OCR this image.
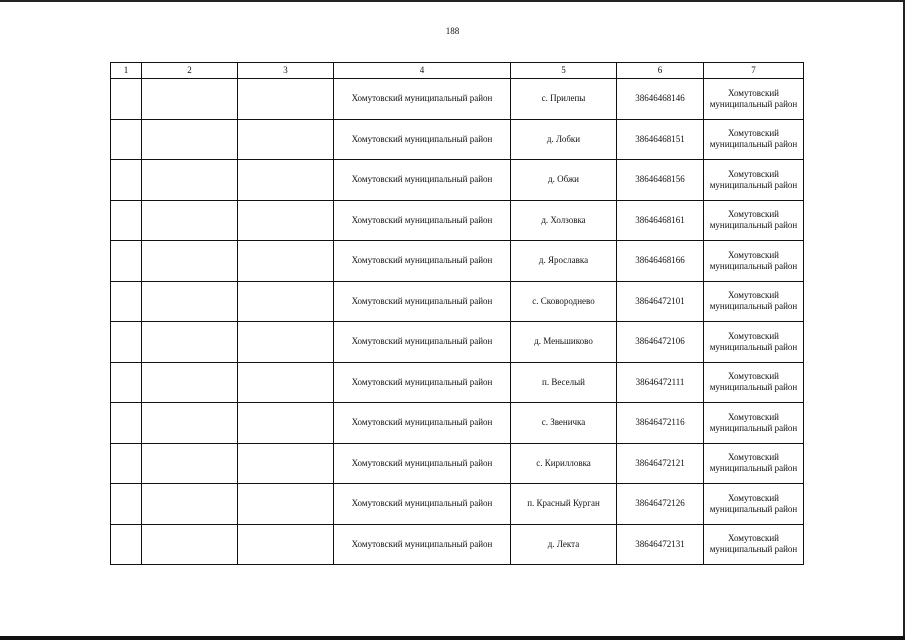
188
1	2	3	4	5	6	7
			Хомутовский муниципальный район	с. Прилепы	38646468146	Хомутовский
муниципальный район

			Хомутовский муниципальный район	д. Лобки	38646468151	Хомутовский
муниципальный район

			Хомутовский муниципальный район	д. Обжи	38646468156	Хомутовский
муниципальный район

			Хомутовский муниципальный район	д. Холзовка	38646468161	Хомутовский
муниципальный район

			Хомутовский муниципальный район	д. Ярославка	38646468166	Хомутовский
муниципальный район

			Хомутовский муниципальный район	с. Сковороднево	38646472101	Хомутовский
муниципальный район

			Хомутовский муниципальный район	д. Меньшиково	38646472106	Хомутовский
муниципальный район

			Хомутовский муниципальный район	п. Веселый	38646472111	Хомутовский
муниципальный район

			Хомутовский муниципальный район	с. Звеничка	38646472116	Хомутовский
муниципальный район

			Хомутовский муниципальный район	с. Кирилловка	38646472121	Хомутовский
муниципальный район

			Хомутовский муниципальный район	п. Красный Курган	38646472126	Хомутовский
муниципальный район

			Хомутовский муниципальный район	д. Лекта	38646472131	Хомутовский
муниципальный район
